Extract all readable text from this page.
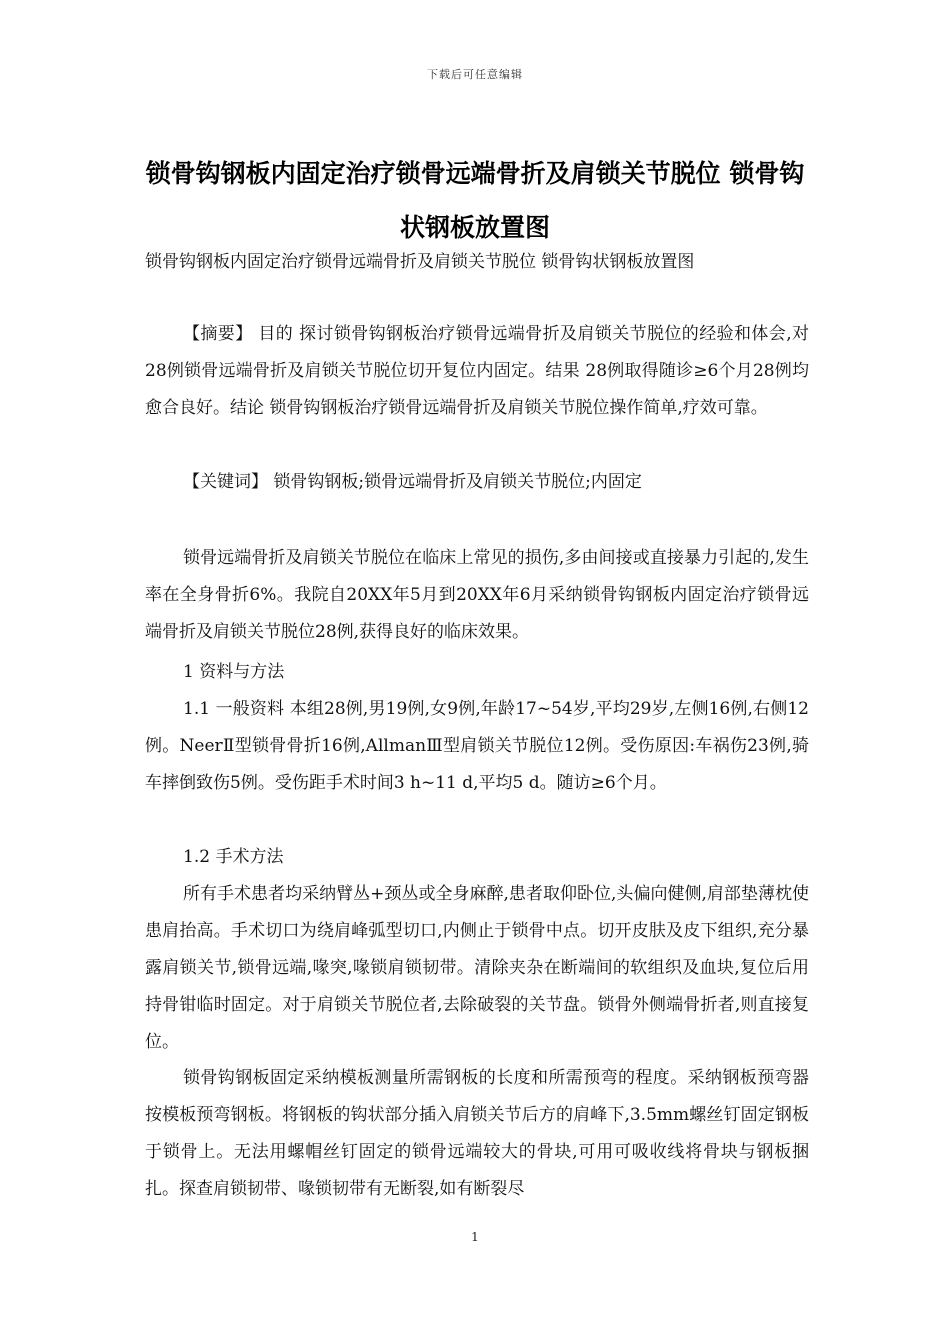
下载后可任意编辑
锁骨钩钢板内固定治疗锁骨远端骨折及肩锁关节脱位 锁骨钩状钢板放置图

锁骨钩钢板内固定治疗锁骨远端骨折及肩锁关节脱位 锁骨钩状钢板放置图

【摘要】 目的 探讨锁骨钩钢板治疗锁骨远端骨折及肩锁关节脱位的经验和体会,对28例锁骨远端骨折及肩锁关节脱位切开复位内固定。结果 28例取得随诊≥6个月28例均愈合良好。结论 锁骨钩钢板治疗锁骨远端骨折及肩锁关节脱位操作简单,疗效可靠。

【关键词】 锁骨钩钢板;锁骨远端骨折及肩锁关节脱位;内固定

锁骨远端骨折及肩锁关节脱位在临床上常见的损伤,多由间接或直接暴力引起的,发生率在全身骨折6%。我院自20XX年5月到20XX年6月采纳锁骨钩钢板内固定治疗锁骨远端骨折及肩锁关节脱位28例,获得良好的临床效果。

1 资料与方法

1.1 一般资料 本组28例,男19例,女9例,年龄17~54岁,平均29岁,左侧16例,右侧12例。NeerⅡ型锁骨骨折16例,AllmanⅢ型肩锁关节脱位12例。受伤原因:车祸伤23例,骑车摔倒致伤5例。受伤距手术时间3 h~11 d,平均5 d。随访≥6个月。

1.2 手术方法

所有手术患者均采纳臂丛+颈丛或全身麻醉,患者取仰卧位,头偏向健侧,肩部垫薄枕使患肩抬高。手术切口为绕肩峰弧型切口,内侧止于锁骨中点。切开皮肤及皮下组织,充分暴露肩锁关节,锁骨远端,喙突,喙锁肩锁韧带。清除夹杂在断端间的软组织及血块,复位后用持骨钳临时固定。对于肩锁关节脱位者,去除破裂的关节盘。锁骨外侧端骨折者,则直接复位。

锁骨钩钢板固定采纳模板测量所需钢板的长度和所需预弯的程度。采纳钢板预弯器按模板预弯钢板。将钢板的钩状部分插入肩锁关节后方的肩峰下,3.5mm螺丝钉固定钢板于锁骨上。无法用螺帽丝钉固定的锁骨远端较大的骨块,可用可吸收线将骨块与钢板捆扎。探查肩锁韧带、喙锁韧带有无断裂,如有断裂尽

1
